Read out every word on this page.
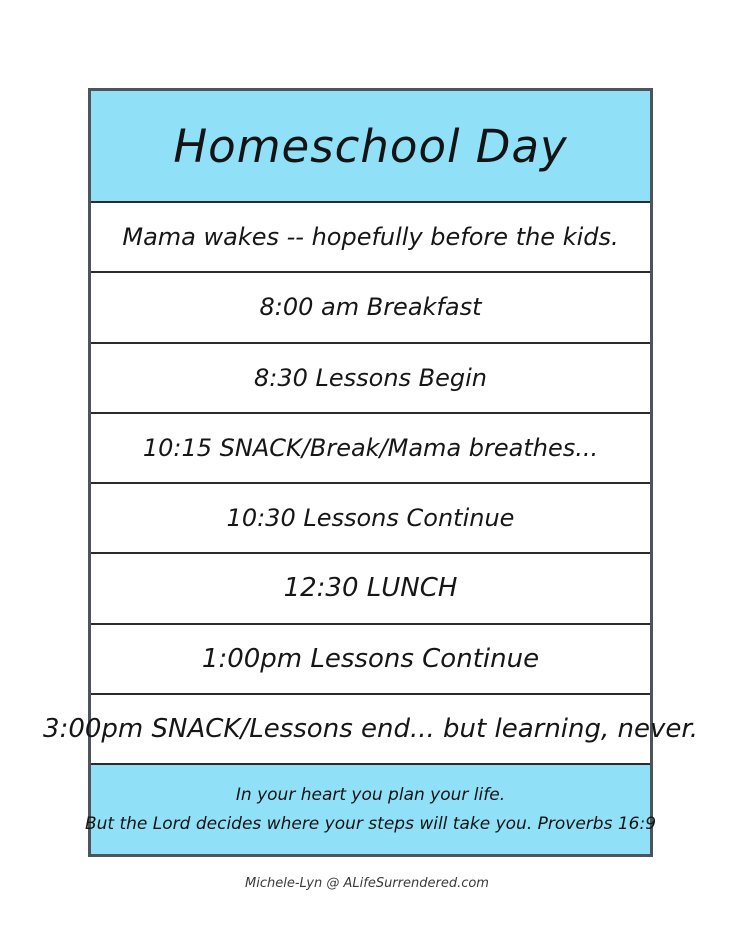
Homeschool Day
Mama wakes -- hopefully before the kids.
8:00 am Breakfast
8:30 Lessons Begin
10:15 SNACK/Break/Mama breathes...
10:30 Lessons Continue
12:30 LUNCH
1:00pm Lessons Continue
3:00pm SNACK/Lessons end... but learning, never.
In your heart you plan your life.
But the Lord decides where your steps will take you. Proverbs 16:9
Michele-Lyn @ ALifeSurrendered.com
